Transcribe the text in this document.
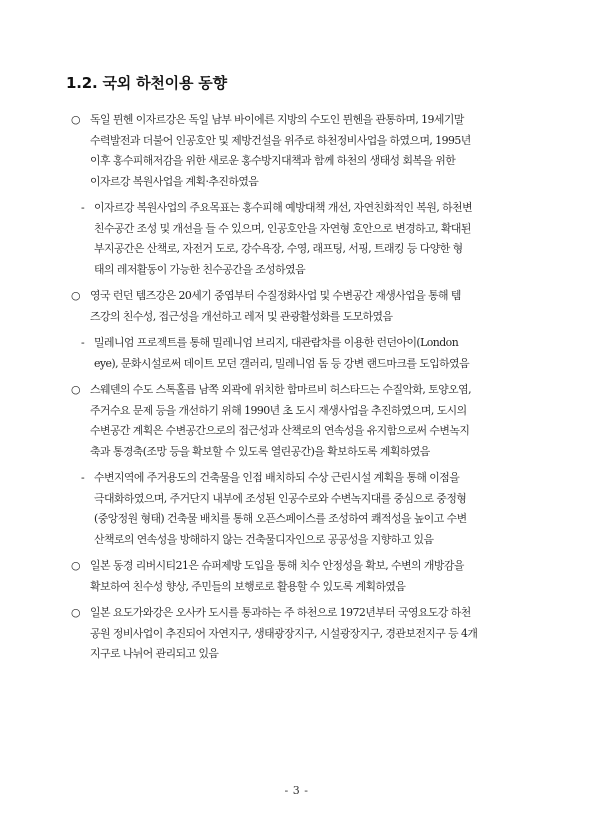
1.2. 국외 하천이용 동향
○ 독일 뮌헨 이자르강은 독일 남부 바이에른 지방의 수도인 뮌헨을 관통하며, 19세기말
수력발전과 더불어 인공호안 및 제방건설을 위주로 하천정비사업을 하였으며, 1995년
이후 홍수피해저감을 위한 새로운 홍수방지대책과 함께 하천의 생태성 회복을 위한
이자르강 복원사업을 계획·추진하였음
- 이자르강 복원사업의 주요목표는 홍수피해 예방대책 개선, 자연친화적인 복원, 하천변
친수공간 조성 및 개선을 들 수 있으며, 인공호안을 자연형 호안으로 변경하고, 확대된
부지공간은 산책로, 자전거 도로, 강수욕장, 수영, 래프팅, 서핑, 트래킹 등 다양한 형
태의 레저활동이 가능한 친수공간을 조성하였음
○ 영국 런던 템즈강은 20세기 중엽부터 수질정화사업 및 수변공간 재생사업을 통해 템
즈강의 친수성, 접근성을 개선하고 레저 및 관광활성화를 도모하였음
- 밀레니엄 프로젝트를 통해 밀레니엄 브리지, 대관람차를 이용한 런던아이(London
eye), 문화시설로써 데이트 모던 갤러리, 밀레니엄 돔 등 강변 랜드마크를 도입하였음
○ 스웨덴의 수도 스톡홀름 남쪽 외곽에 위치한 함마르비 허스타드는 수질악화, 토양오염,
주거수요 문제 등을 개선하기 위해 1990년 초 도시 재생사업을 추진하였으며, 도시의
수변공간 계획은 수변공간으로의 접근성과 산책로의 연속성을 유지함으로써 수변녹지
축과 통경축(조망 등을 확보할 수 있도록 열린공간)을 확보하도록 계획하였음
- 수변지역에 주거용도의 건축물을 인접 배치하되 수상 근린시설 계획을 통해 이점을
극대화하였으며, 주거단지 내부에 조성된 인공수로와 수변녹지대를 중심으로 중정형
(중앙정원 형태) 건축물 배치를 통해 오픈스페이스를 조성하여 쾌적성을 높이고 수변
산책로의 연속성을 방해하지 않는 건축물디자인으로 공공성을 지향하고 있음
○ 일본 동경 리버시티21은 슈퍼제방 도입을 통해 치수 안정성을 확보, 수변의 개방감을
확보하여 친수성 향상, 주민들의 보행로로 활용할 수 있도록 계획하였음
○ 일본 요도가와강은 오사카 도시를 통과하는 주 하천으로 1972년부터 국영요도강 하천
공원 정비사업이 추진되어 자연지구, 생태광장지구, 시설광장지구, 경관보전지구 등 4개
지구로 나뉘어 관리되고 있음
- 3 -
